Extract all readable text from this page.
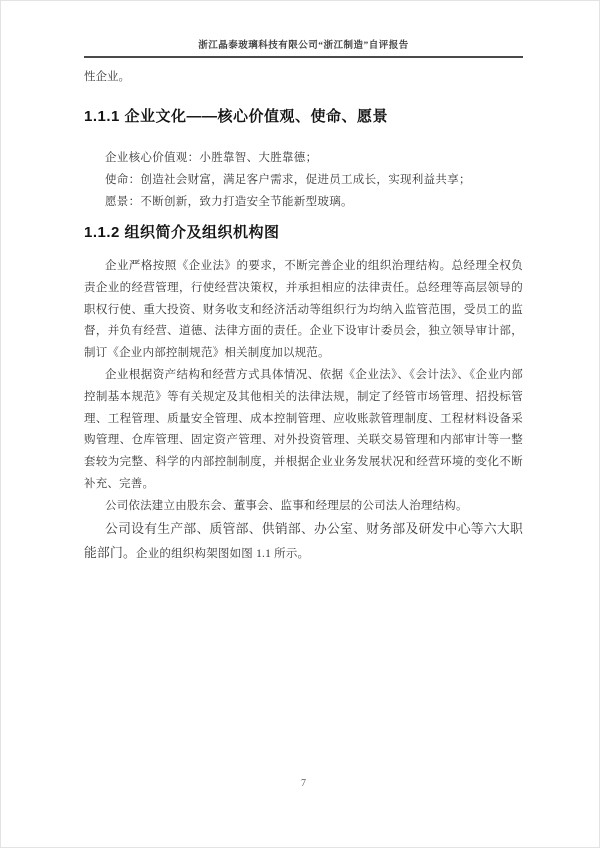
浙江晶泰玻璃科技有限公司“浙江制造”自评报告

性企业。

1.1.1 企业文化——核心价值观、使命、愿景

企业核心价值观：小胜靠智、大胜靠德；

使命：创造社会财富，满足客户需求，促进员工成长，实现利益共享；

愿景：不断创新，致力打造安全节能新型玻璃。

1.1.2 组织简介及组织机构图

企业严格按照《企业法》的要求，不断完善企业的组织治理结构。总经理全权负责企业的经营管理，行使经营决策权，并承担相应的法律责任。总经理等高层领导的职权行使、重大投资、财务收支和经济活动等组织行为均纳入监管范围，受员工的监督，并负有经营、道德、法律方面的责任。企业下设审计委员会，独立领导审计部，制订《企业内部控制规范》相关制度加以规范。

企业根据资产结构和经营方式具体情况、依据《企业法》、《会计法》、《企业内部控制基本规范》等有关规定及其他相关的法律法规，制定了经管市场管理、招投标管理、工程管理、质量安全管理、成本控制管理、应收账款管理制度、工程材料设备采购管理、仓库管理、固定资产管理、对外投资管理、关联交易管理和内部审计等一整套较为完整、科学的内部控制制度，并根据企业业务发展状况和经营环境的变化不断补充、完善。

公司依法建立由股东会、董事会、监事和经理层的公司法人治理结构。

公司设有生产部、质管部、供销部、办公室、财务部及研发中心等六大职能部门。企业的组织构架图如图 1.1 所示。

7
